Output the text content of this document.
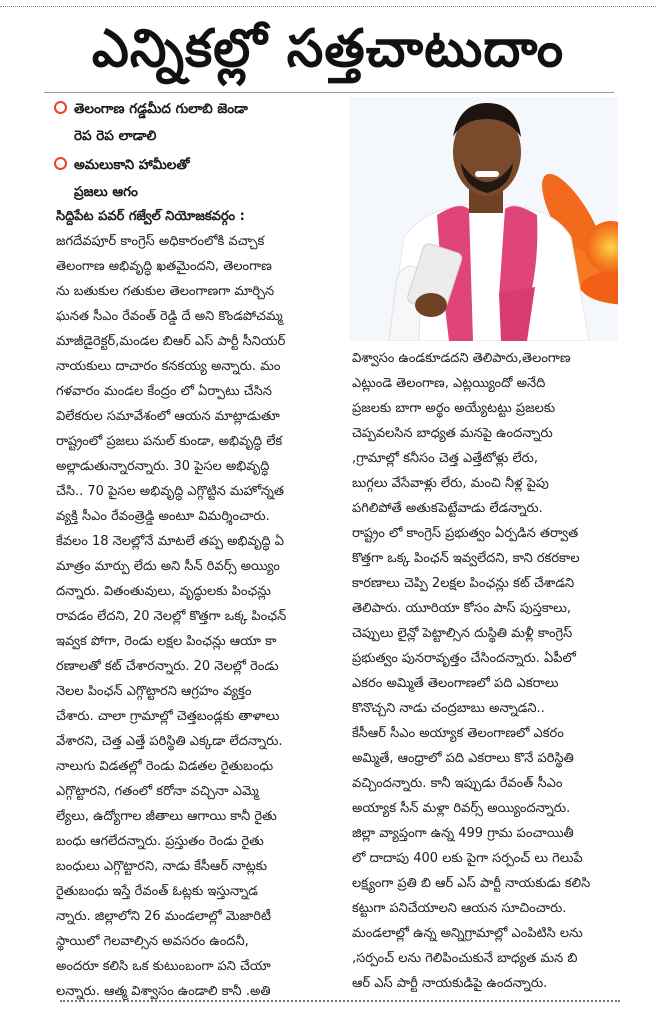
ఎన్నికల్లో సత్తచాటుదాం
తెలంగాణ గడ్డమీద గులాబి జెండా
రెప రెప లాడాలి
అమలుకాని హామీలతో
ప్రజలు ఆగం
సిద్దిపేట పవర్ గజ్వేల్ నియోజకవర్గం :
జగదేవపూర్ కాంగ్రెస్ అధికారంలోకి వచ్చాక
తెలంగాణ అభివృద్ధి ఖతమైందని, తెలంగాణ
ను బతుకుల గతుకుల తెలంగాణగా మార్చిన
ఘనత సీఎం రేవంత్ రెడ్డి దే అని కొండపోచమ్మ
మాజీడైరెక్టర్,మండల బిఆర్ ఎస్ పార్టీ సీనియర్
నాయకులు దాచారం కనకయ్య అన్నారు. మం
గళవారం మండల కేంద్రం లో ఏర్పాటు చేసిన
విలేకరుల సమావేశంలో ఆయన మాట్లాడుతూ
రాష్ట్రంలో ప్రజలు పనుల్ కుండా, అభివృద్ధి లేక
అల్లాడుతున్నారన్నారు. 30 పైసల అభివృద్ధి
చేసి.. 70 పైసల అభివృద్ధి ఎగ్గొట్టిన మహోన్నత
వ్యక్తి సీఎం రేవంత్రెడ్డి అంటూ విమర్శించారు.
కేవలం 18 నెలల్లోనే మాటలే తప్ప అభివృద్ధి ఏ
మాత్రం మార్పు లేదు అని సీన్ రివర్స్ అయ్యిం
దన్నారు. వితంతువులు, వృద్ధులకు పింఛన్లు
రావడం లేదని, 20 నెలల్లో కొత్తగా ఒక్క పింఛన్
ఇవ్వక పోగా, రెండు లక్షల పింఛన్లు ఆయా కా
రణాలతో కట్ చేశారన్నారు. 20 నెలల్లో రెండు
నెలల పింఛన్ ఎగ్గొట్టారని ఆగ్రహం వ్యక్తం
చేశారు. చాలా గ్రామాల్లో చెత్తబండ్లకు తాళాలు
వేశారని, చెత్త ఎత్తే పరిస్థితి ఎక్కడా లేదన్నారు.
నాలుగు విడతల్లో రెండు విడతల రైతుబంధు
ఎగ్గొట్టారని, గతంలో కరోనా వచ్చినా ఎమ్మె
ల్యేలు, ఉద్యోగాల జీతాలు ఆగాయి కానీ రైతు
బంధు ఆగలేదన్నారు. ప్రస్తుతం రెండు రైతు
బంధులు ఎగ్గొట్టారని, నాడు కేసీఆర్ నాట్లకు
రైతుబంధు ఇస్తే రేవంత్ ఓట్లకు ఇస్తున్నాడ
న్నారు. జిల్లాలోని 26 మండలాల్లో మెజారిటీ
స్థాయిలో గెలవాల్సిన అవసరం ఉందనీ,
అందరూ కలిసి ఒక కుటుంబంగా పని చేయా
లన్నారు. ఆత్మ విశ్వాసం ఉండాలి కానీ .అతి
విశ్వాసం ఉండకూడదని తెలిపారు,తెలంగాణ
ఎట్లుండె తెలంగాణ, ఎట్లయ్యిందో అనేది
ప్రజలకు బాగా అర్థం అయ్యేటట్టు ప్రజలకు
చెప్పవలసిన బాధ్యత మనపై ఉందన్నారు
,గ్రామాల్లో కనీసం చెత్త ఎత్తేటోళ్లు లేరు,
బుగ్గలు వేసేవాళ్లు లేరు, మంచి నీళ్ల పైపు
పగిలిపోతే అతుకపెట్టేవాడు లేడన్నారు.
రాష్ట్రం లో కాంగ్రెస్ ప్రభుత్వం ఏర్పడిన తర్వాత
కొత్తగా ఒక్క పింఛన్ ఇవ్వలేదని, కాని రకరకాల
కారణాలు చెప్పి 2లక్షల పింఛన్లు కట్ చేశాడని
తెలిపారు. యూరియా కోసం పాస్ పుస్తకాలు,
చెప్పులు లైన్లో పెట్టాల్సిన దుస్థితి మళ్లీ కాంగ్రెస్
ప్రభుత్వం పునరావృత్తం చేసిందన్నారు. ఏపీలో
ఎకరం అమ్మితే తెలంగాణలో పది ఎకరాలు
కొనొచ్చని నాడు చంద్రబాబు అన్నాడని..
కేసీఆర్ సీఎం అయ్యాక తెలంగాణలో ఎకరం
అమ్మితే, ఆంధ్రాలో పది ఎకరాలు కొనే పరిస్థితి
వచ్చిందన్నారు. కానీ ఇప్పుడు రేవంత్ సీఎం
అయ్యాక సీన్ మళ్లా రివర్స్ అయ్యిందన్నారు.
జిల్లా వ్యాప్తంగా ఉన్న 499 గ్రామ పంచాయితీ
లో దాదాపు 400 లకు పైగా సర్పంచ్ లు గెలుపే
లక్ష్యంగా ప్రతి బి ఆర్ ఎస్ పార్టీ నాయకుడు కలిసి
కట్టుగా పనిచేయాలని ఆయన సూచించారు.
మండలాల్లో ఉన్న అన్నిగ్రామాల్లో ఎంపిటిసి లను
,సర్పంచ్ లను గెలిపించుకునే బాధ్యత మన బి
ఆర్ ఎస్ పార్టీ నాయకుడిపై ఉందన్నారు.
